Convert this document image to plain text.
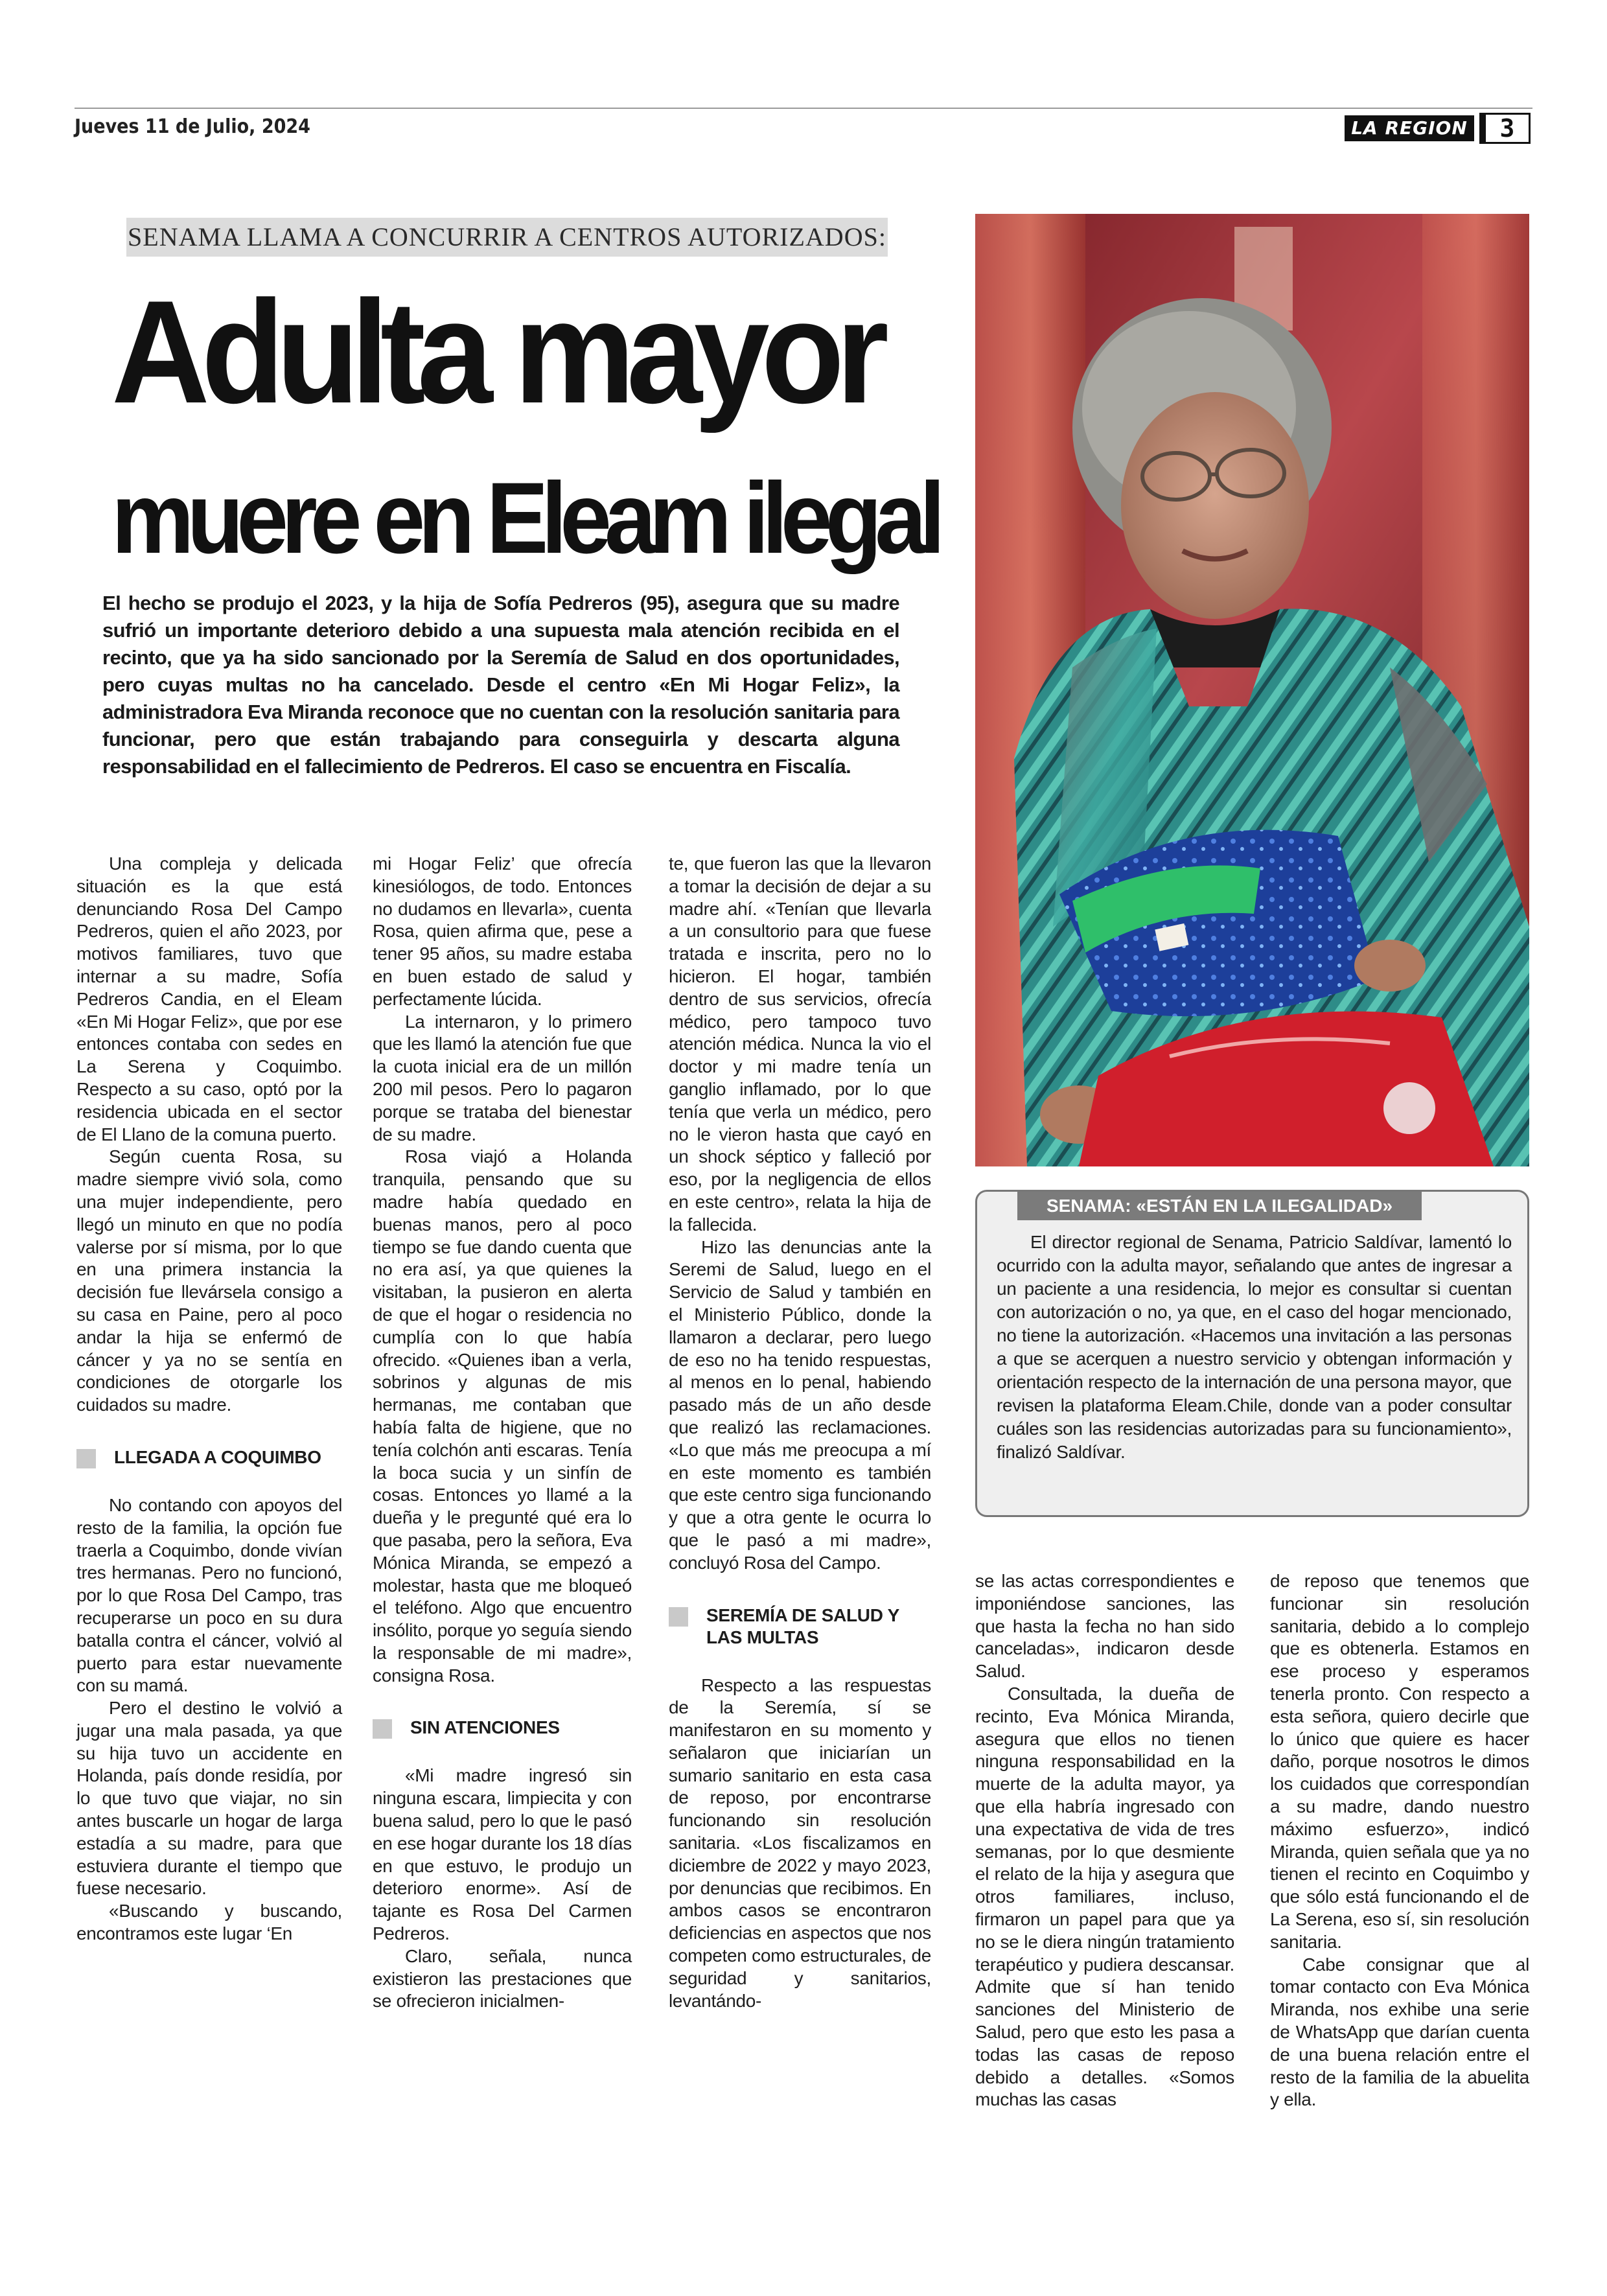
Jueves 11 de Julio, 2024	LA REGION	3
SENAMA LLAMA A CONCURRIR A CENTROS AUTORIZADOS:
Adulta mayor
muere en Eleam ilegal
El hecho se produjo el 2023, y la hija de Sofía Pedreros (95), asegura que su madre sufrió un importante deterioro debido a una supuesta mala atención recibida en el recinto, que ya ha sido sancionado por la Seremía de Salud en dos oportunidades, pero cuyas multas no ha cancelado. Desde el centro «En Mi Hogar Feliz», la administradora Eva Miranda reconoce que no cuentan con la resolución sanitaria para funcionar, pero que están trabajando para conseguirla y descarta alguna responsabilidad en el fallecimiento de Pedreros. El caso se encuentra en Fiscalía.

Una compleja y delicada situación es la que está denunciando Rosa Del Campo Pedreros, quien el año 2023, por motivos familiares, tuvo que internar a su madre, Sofía Pedreros Candia, en el Eleam «En Mi Hogar Feliz», que por ese entonces contaba con sedes en La Serena y Coquimbo. Respecto a su caso, optó por la residencia ubicada en el sector de El Llano de la comuna puerto.

Según cuenta Rosa, su madre siempre vivió sola, como una mujer independiente, pero llegó un minuto en que no podía valerse por sí misma, por lo que en una primera instancia la decisión fue llevársela consigo a su casa en Paine, pero al poco andar la hija se enfermó de cáncer y ya no se sentía en condiciones de otorgarle los cuidados su madre.

LLEGADA A COQUIMBO

No contando con apoyos del resto de la familia, la opción fue traerla a Coquimbo, donde vivían tres hermanas. Pero no funcionó, por lo que Rosa Del Campo, tras recuperarse un poco en su dura batalla contra el cáncer, volvió al puerto para estar nuevamente con su mamá.

Pero el destino le volvió a jugar una mala pasada, ya que su hija tuvo un accidente en Holanda, país donde residía, por lo que tuvo que viajar, no sin antes buscarle un hogar de larga estadía a su madre, para que estuviera durante el tiempo que fuese necesario.

«Buscando y buscando, encontramos este lugar ‘En

mi Hogar Feliz’ que ofrecía kinesiólogos, de todo. Entonces no dudamos en llevarla», cuenta Rosa, quien afirma que, pese a tener 95 años, su madre estaba en buen estado de salud y perfectamente lúcida.

La internaron, y lo primero que les llamó la atención fue que la cuota inicial era de un millón 200 mil pesos. Pero lo pagaron porque se trataba del bienestar de su madre.

Rosa viajó a Holanda tranquila, pensando que su madre había quedado en buenas manos, pero al poco tiempo se fue dando cuenta que no era así, ya que quienes la visitaban, la pusieron en alerta de que el hogar o residencia no cumplía con lo que había ofrecido. «Quienes iban a verla, sobrinos y algunas de mis hermanas, me contaban que había falta de higiene, que no tenía colchón anti escaras. Tenía la boca sucia y un sinfín de cosas. Entonces yo llamé a la dueña y le pregunté qué era lo que pasaba, pero la señora, Eva Mónica Miranda, se empezó a molestar, hasta que me bloqueó el teléfono. Algo que encuentro insólito, porque yo seguía siendo la responsable de mi madre», consigna Rosa.

SIN ATENCIONES

«Mi madre ingresó sin ninguna escara, limpiecita y con buena salud, pero lo que le pasó en ese hogar durante los 18 días en que estuvo, le produjo un deterioro enorme». Así de tajante es Rosa Del Carmen Pedreros.

Claro, señala, nunca existieron las prestaciones que se ofrecieron inicialmen-

te, que fueron las que la llevaron a tomar la decisión de dejar a su madre ahí. «Tenían que llevarla a un consultorio para que fuese tratada e inscrita, pero no lo hicieron. El hogar, también dentro de sus servicios, ofrecía médico, pero tampoco tuvo atención médica. Nunca la vio el doctor y mi madre tenía un ganglio inflamado, por lo que tenía que verla un médico, pero no le vieron hasta que cayó en un shock séptico y falleció por eso, por la negligencia de ellos en este centro», relata la hija de la fallecida.

Hizo las denuncias ante la Seremi de Salud, luego en el Servicio de Salud y también en el Ministerio Público, donde la llamaron a declarar, pero luego de eso no ha tenido respuestas, al menos en lo penal, habiendo pasado más de un año desde que realizó las reclamaciones. «Lo que más me preocupa a mí en este momento es también que este centro siga funcionando y que a otra gente le ocurra lo que le pasó a mi madre», concluyó Rosa del Campo.

SEREMÍA DE SALUD Y LAS MULTAS

Respecto a las respuestas de la Seremía, sí se manifestaron en su momento y señalaron que iniciarían un sumario sanitario en esta casa de reposo, por encontrarse funcionando sin resolución sanitaria. «Los fiscalizamos en diciembre de 2022 y mayo 2023, por denuncias que recibimos. En ambos casos se encontraron deficiencias en aspectos que nos competen como estructurales, de seguridad y sanitarios, levantándo-

SENAMA: «ESTÁN EN LA ILEGALIDAD»

El director regional de Senama, Patricio Saldívar, lamentó lo ocurrido con la adulta mayor, señalando que antes de ingresar a un paciente a una residencia, lo mejor es consultar si cuentan con autorización o no, ya que, en el caso del hogar mencionado, no tiene la autorización. «Hacemos una invitación a las personas a que se acerquen a nuestro servicio y obtengan información y orientación respecto de la internación de una persona mayor, que revisen la plataforma Eleam.Chile, donde van a poder consultar cuáles son las residencias autorizadas para su funcionamiento», finalizó Saldívar.

se las actas correspondientes e imponiéndose sanciones, las que hasta la fecha no han sido canceladas», indicaron desde Salud.

Consultada, la dueña de recinto, Eva Mónica Miranda, asegura que ellos no tienen ninguna responsabilidad en la muerte de la adulta mayor, ya que ella habría ingresado con una expectativa de vida de tres semanas, por lo que desmiente el relato de la hija y asegura que otros familiares, incluso, firmaron un papel para que ya no se le diera ningún tratamiento terapéutico y pudiera descansar. Admite que sí han tenido sanciones del Ministerio de Salud, pero que esto les pasa a todas las casas de reposo debido a detalles. «Somos muchas las casas

de reposo que tenemos que funcionar sin resolución sanitaria, debido a lo complejo que es obtenerla. Estamos en ese proceso y esperamos tenerla pronto. Con respecto a esta señora, quiero decirle que lo único que quiere es hacer daño, porque nosotros le dimos los cuidados que correspondían a su madre, dando nuestro máximo esfuerzo», indicó Miranda, quien señala que ya no tienen el recinto en Coquimbo y que sólo está funcionando el de La Serena, eso sí, sin resolución sanitaria.

Cabe consignar que al tomar contacto con Eva Mónica Miranda, nos exhibe una serie de WhatsApp que darían cuenta de una buena relación entre el resto de la familia de la abuelita y ella.
